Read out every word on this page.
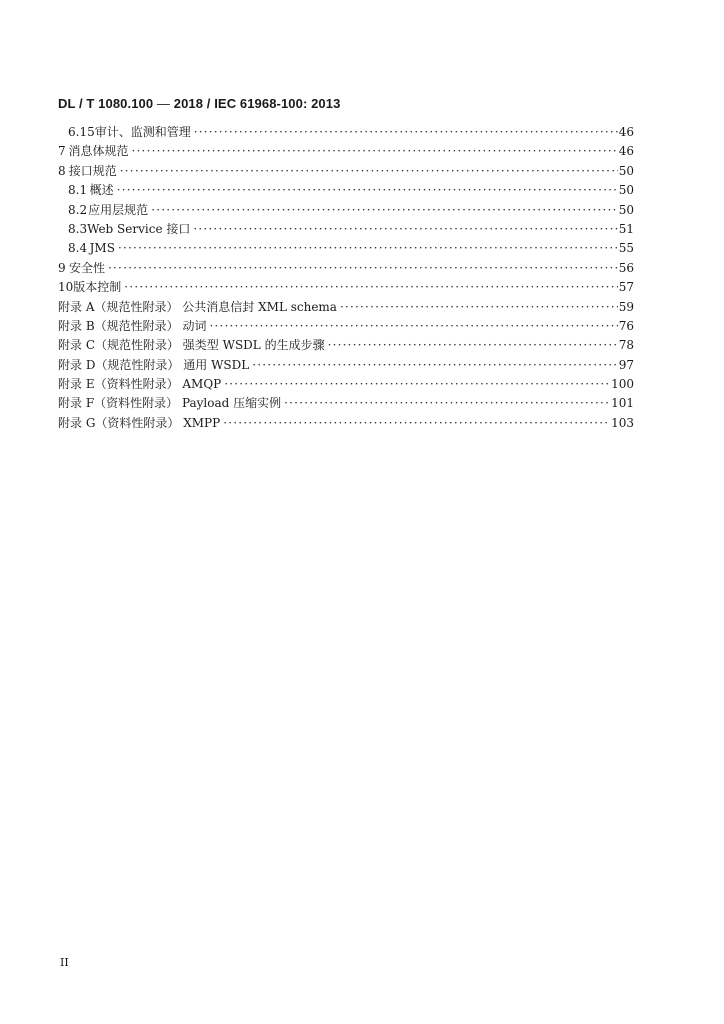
DL / T 1080.100 — 2018 / IEC 61968-100: 2013
6.15 审计、监测和管理 ·····	46
7 消息体规范 ·····	46
8 接口规范 ·····	50
8.1 概述 ·····	50
8.2 应用层规范 ·····	50
8.3 Web Service 接口 ·····	51
8.4 JMS ·····	55
9 安全性 ·····	56
10 版本控制 ·····	57
附录 A（规范性附录） 公共消息信封 XML schema ·····	59
附录 B（规范性附录） 动词 ·····	76
附录 C（规范性附录） 强类型 WSDL 的生成步骤 ·····	78
附录 D（规范性附录） 通用 WSDL ·····	97
附录 E（资料性附录） AMQP ·····	100
附录 F（资料性附录） Payload 压缩实例 ·····	101
附录 G（资料性附录） XMPP ·····	103
II
